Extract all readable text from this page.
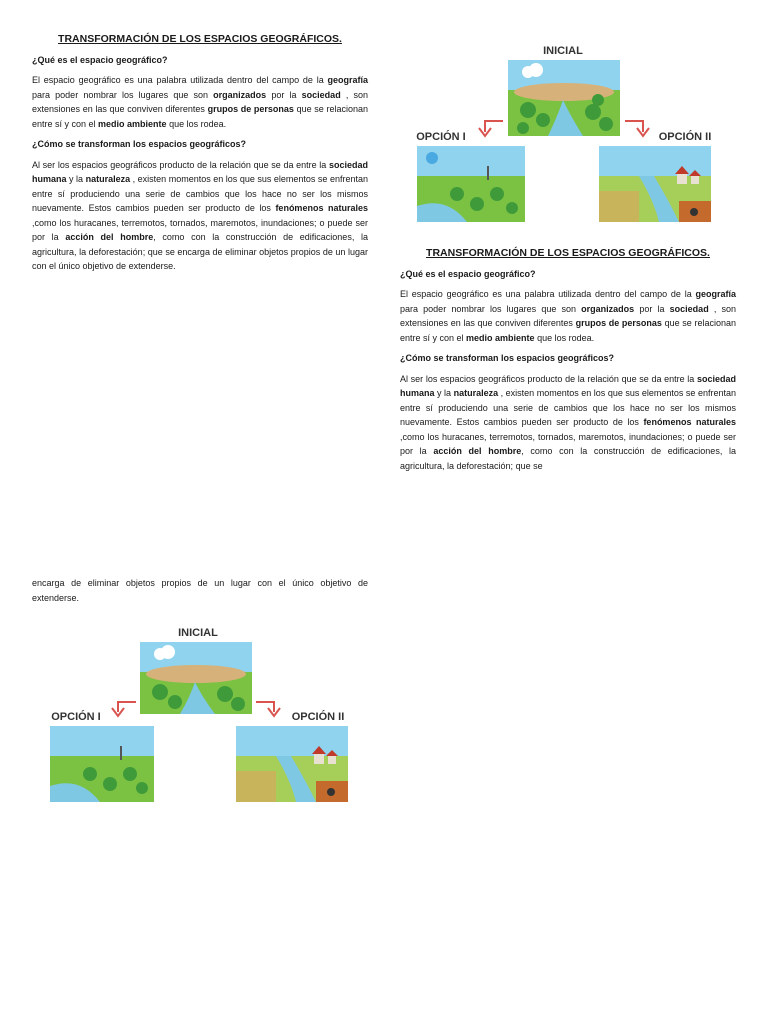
TRANSFORMACIÓN DE LOS ESPACIOS GEOGRÁFICOS.
¿Qué es el espacio geográfico?

El espacio geográfico es una palabra utilizada dentro del campo de la geografía para poder nombrar los lugares que son organizados por la sociedad , son extensiones en las que conviven diferentes grupos de personas que se relacionan entre sí y con el medio ambiente que los rodea.

¿Cómo se transforman los espacios geográficos?

Al ser los espacios geográficos producto de la relación que se da entre la sociedad humana y la naturaleza , existen momentos en los que sus elementos se enfrentan entre sí produciendo una serie de cambios que los hace no ser los mismos nuevamente. Estos cambios pueden ser producto de los fenómenos naturales ,como los huracanes, terremotos, tornados, maremotos, inundaciones; o puede ser por la acción del hombre, como con la construcción de edificaciones, la agricultura, la deforestación; que se encarga de eliminar objetos propios de un lugar con el único objetivo de extenderse.

INICIAL
OPCIÓN I	OPCIÓN II
TRANSFORMACIÓN DE LOS ESPACIOS GEOGRÁFICOS.
¿Qué es el espacio geográfico?

El espacio geográfico es una palabra utilizada dentro del campo de la geografía para poder nombrar los lugares que son organizados por la sociedad , son extensiones en las que conviven diferentes grupos de personas que se relacionan entre sí y con el medio ambiente que los rodea.

¿Cómo se transforman los espacios geográficos?

Al ser los espacios geográficos producto de la relación que se da entre la sociedad humana y la naturaleza , existen momentos en los que sus elementos se enfrentan entre sí produciendo una serie de cambios que los hace no ser los mismos nuevamente. Estos cambios pueden ser producto de los fenómenos naturales ,como los huracanes, terremotos, tornados, maremotos, inundaciones; o puede ser por la acción del hombre, como con la construcción de edificaciones, la agricultura, la deforestación; que se

encarga de eliminar objetos propios de un lugar con el único objetivo de extenderse.

INICIAL
OPCIÓN I	OPCIÓN II
